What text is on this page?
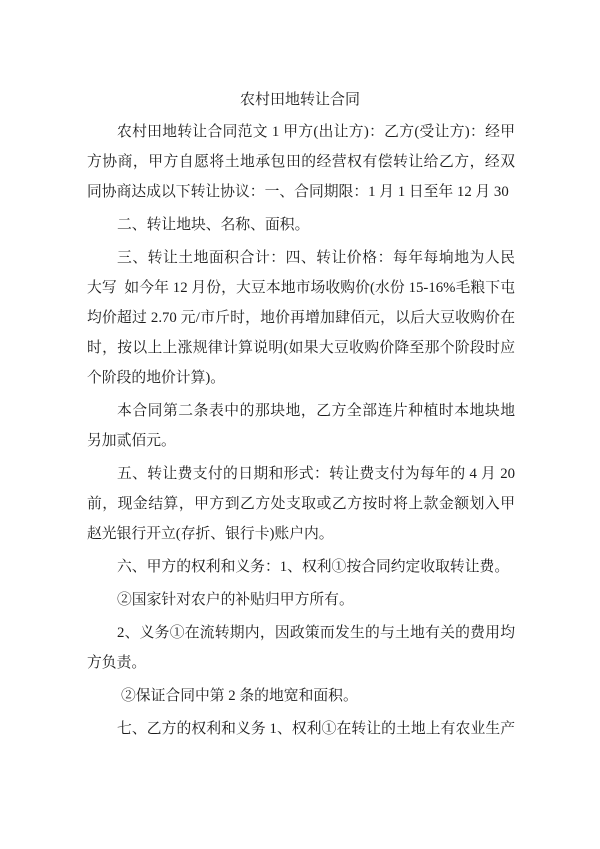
农村田地转让合同
农村田地转让合同范文 1 甲方(出让方)：乙方(受让方)：经甲
方协商，甲方自愿将土地承包田的经营权有偿转让给乙方，经双
同协商达成以下转让协议：一、合同期限：1 月 1 日至年 12 月 30
二、转让地块、名称、面积。
三、转让土地面积合计：四、转让价格：每年每垧地为人民
大写  如今年 12 月份，大豆本地市场收购价(水份 15-16%毛粮下屯
均价超过 2.70 元/市斤时，地价再增加肆佰元，以后大豆收购价在
时，按以上上涨规律计算说明(如果大豆收购价降至那个阶段时应
个阶段的地价计算)。
本合同第二条表中的那块地，乙方全部连片种植时本地块地
另加贰佰元。
五、转让费支付的日期和形式：转让费支付为每年的 4 月 20
前，现金结算，甲方到乙方处支取或乙方按时将上款金额划入甲
赵光银行开立(存折、银行卡)账户内。
六、甲方的权利和义务：1、权利①按合同约定收取转让费。
②国家针对农户的补贴归甲方所有。
2、义务①在流转期内，因政策而发生的与土地有关的费用均
方负责。
②保证合同中第 2 条的地宽和面积。
七、乙方的权利和义务 1、权利①在转让的土地上有农业生产
